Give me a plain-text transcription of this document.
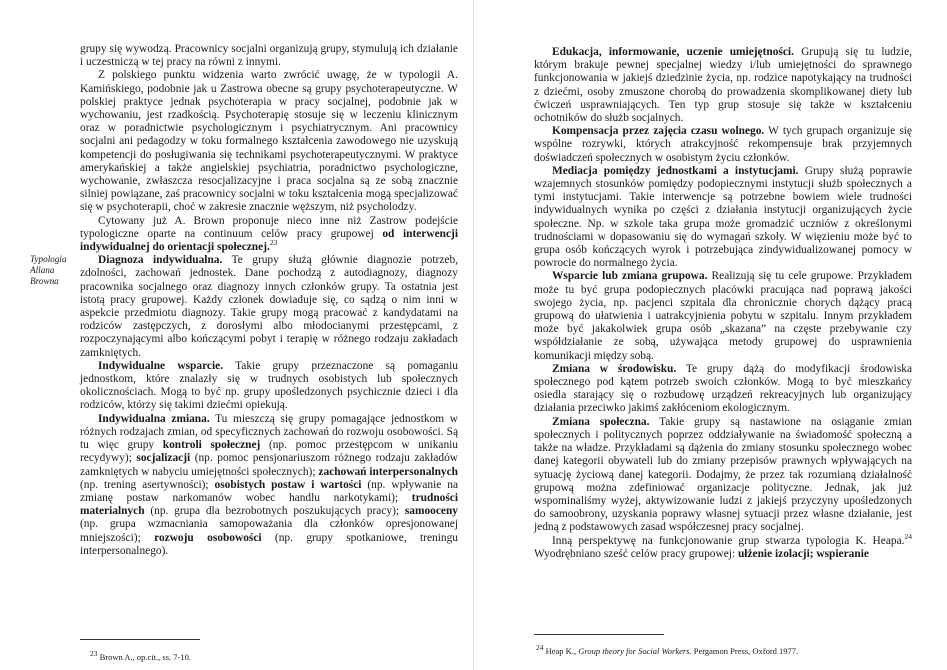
Typologia Allana Browna

grupy się wywodzą. Pracownicy socjalni organizują grupy, stymulują ich działanie i uczestniczą w tej pracy na równi z innymi.

Z polskiego punktu widzenia warto zwrócić uwagę, że w typologii A. Kamińskiego, podobnie jak u Zastrowa obecne są grupy psychoterapeutyczne. W polskiej praktyce jednak psychoterapia w pracy socjalnej, podobnie jak w wychowaniu, jest rzadkością. Psychoterapię stosuje się w leczeniu klinicznym oraz w poradnictwie psychologicznym i psychiatrycznym. Ani pracownicy socjalni ani pedagodzy w toku formalnego kształcenia zawodowego nie uzyskują kompetencji do posługiwania się technikami psychoterapeutycznymi. W praktyce amerykańskiej a także angielskiej psychiatria, poradnictwo psychologiczne, wychowanie, zwłaszcza resocjalizacyjne i praca socjalna są ze sobą znacznie silniej powiązane, zaś pracownicy socjalni w toku kształcenia mogą specjalizować się w psychoterapii, choć w zakresie znacznie węższym, niż psycholodzy.

Cytowany już A. Brown proponuje nieco inne niż Zastrow podejście typologiczne oparte na continuum celów pracy grupowej od interwencji indywidualnej do orientacji społecznej.$^{23}$

Diagnoza indywidualna. Te grupy służą głównie diagnozie potrzeb, zdolności, zachowań jednostek. Dane pochodzą z autodiagnozy, diagnozy pracownika socjalnego oraz diagnozy innych członków grupy. Ta ostatnia jest istotą pracy grupowej. Każdy członek dowiaduje się, co sądzą o nim inni w aspekcie przedmiotu diagnozy. Takie grupy mogą pracować z kandydatami na rodziców zastępczych, z dorosłymi albo młodocianymi przestępcami, z rozpoczynającymi albo kończącymi pobyt i terapię w różnego rodzaju zakładach zamkniętych.

Indywidualne wsparcie. Takie grupy przeznaczone są pomaganiu jednostkom, które znalazły się w trudnych osobistych lub społecznych okolicznościach. Mogą to być np. grupy upośledzonych psychicznie dzieci i dla rodziców, którzy się takimi dziećmi opiekują.

Indywidualna zmiana. Tu mieszczą się grupy pomagające jednostkom w różnych rodzajach zmian, od specyficznych zachowań do rozwoju osobowości. Są tu więc grupy kontroli społecznej (np. pomoc przestępcom w unikaniu recydywy); socjalizacji (np. pomoc pensjonariuszom różnego rodzaju zakładów zamkniętych w nabyciu umiejętności społecznych); zachowań interpersonalnych (np. trening asertywności); osobistych postaw i wartości (np. wpływanie na zmianę postaw narkomanów wobec handlu narkotykami); trudności materialnych (np. grupa dla bezrobotnych poszukujących pracy); samooceny (np. grupa wzmacniania samopoważania dla członków opresjonowanej mniejszości); rozwoju osobowości (np. grupy spotkaniowe, treningu interpersonalnego).

$^{23}$ Brown A., op.cit., ss. 7-10.

Edukacja, informowanie, uczenie umiejętności. Grupują się tu ludzie, którym brakuje pewnej specjalnej wiedzy i/lub umiejętności do sprawnego funkcjonowania w jakiejś dziedzinie życia, np. rodzice napotykający na trudności z dziećmi, osoby zmuszone chorobą do prowadzenia skomplikowanej diety lub ćwiczeń usprawniających. Ten typ grup stosuje się także w kształceniu ochotników do służb socjalnych.

Kompensacja przez zajęcia czasu wolnego. W tych grupach organizuje się wspólne rozrywki, których atrakcyjność rekompensuje brak przyjemnych doświadczeń społecznych w osobistym życiu członków.

Mediacja pomiędzy jednostkami a instytucjami. Grupy służą poprawie wzajemnych stosunków pomiędzy podopiecznymi instytucji służb społecznych a tymi instytucjami. Takie interwencje są potrzebne bowiem wiele trudności indywidualnych wynika po części z działania instytucji organizujących życie społeczne. Np. w szkole taka grupa może gromadzić uczniów z określonymi trudnościami w dopasowaniu się do wymagań szkoły. W więzieniu może być to grupa osób kończących wyrok i potrzebująca zindywidualizowanej pomocy w powrocie do normalnego życia.

Wsparcie lub zmiana grupowa. Realizują się tu cele grupowe. Przykładem może tu być grupa podopiecznych placówki pracująca nad poprawą jakości swojego życia, np. pacjenci szpitala dla chronicznie chorych dążący pracą grupową do ułatwienia i uatrakcyjnienia pobytu w szpitalu. Innym przykładem może być jakakolwiek grupa osób „skazana” na częste przebywanie czy współdziałanie ze sobą, używająca metody grupowej do usprawnienia komunikacji między sobą.

Zmiana w środowisku. Te grupy dążą do modyfikacji środowiska społecznego pod kątem potrzeb swoich członków. Mogą to być mieszkańcy osiedla starający się o rozbudowę urządzeń rekreacyjnych lub organizujący działania przeciwko jakimś zakłóceniom ekologicznym.

Zmiana społeczna. Takie grupy są nastawione na osiąganie zmian społecznych i politycznych poprzez oddziaływanie na świadomość społeczną a także na władze. Przykładami są dążenia do zmiany stosunku społecznego wobec danej kategorii obywateli lub do zmiany przepisów prawnych wpływających na sytuację życiową danej kategorii. Dodajmy, że przez tak rozumianą działalność grupową można zdefiniować organizacje polityczne. Jednak, jak już wspominaliśmy wyżej, aktywizowanie ludzi z jakiejś przyczyny upośledzonych do samoobrony, uzyskania poprawy własnej sytuacji przez własne działanie, jest jedną z podstawowych zasad współczesnej pracy socjalnej.

Inną perspektywę na funkcjonowanie grup stwarza typologia K. Heapa.$^{24}$ Wyodrębniano sześć celów pracy grupowej: ułżenie izolacji; wspieranie

$^{24}$ Heap K., Group theory for Social Workers. Pergamon Press, Oxford 1977.
